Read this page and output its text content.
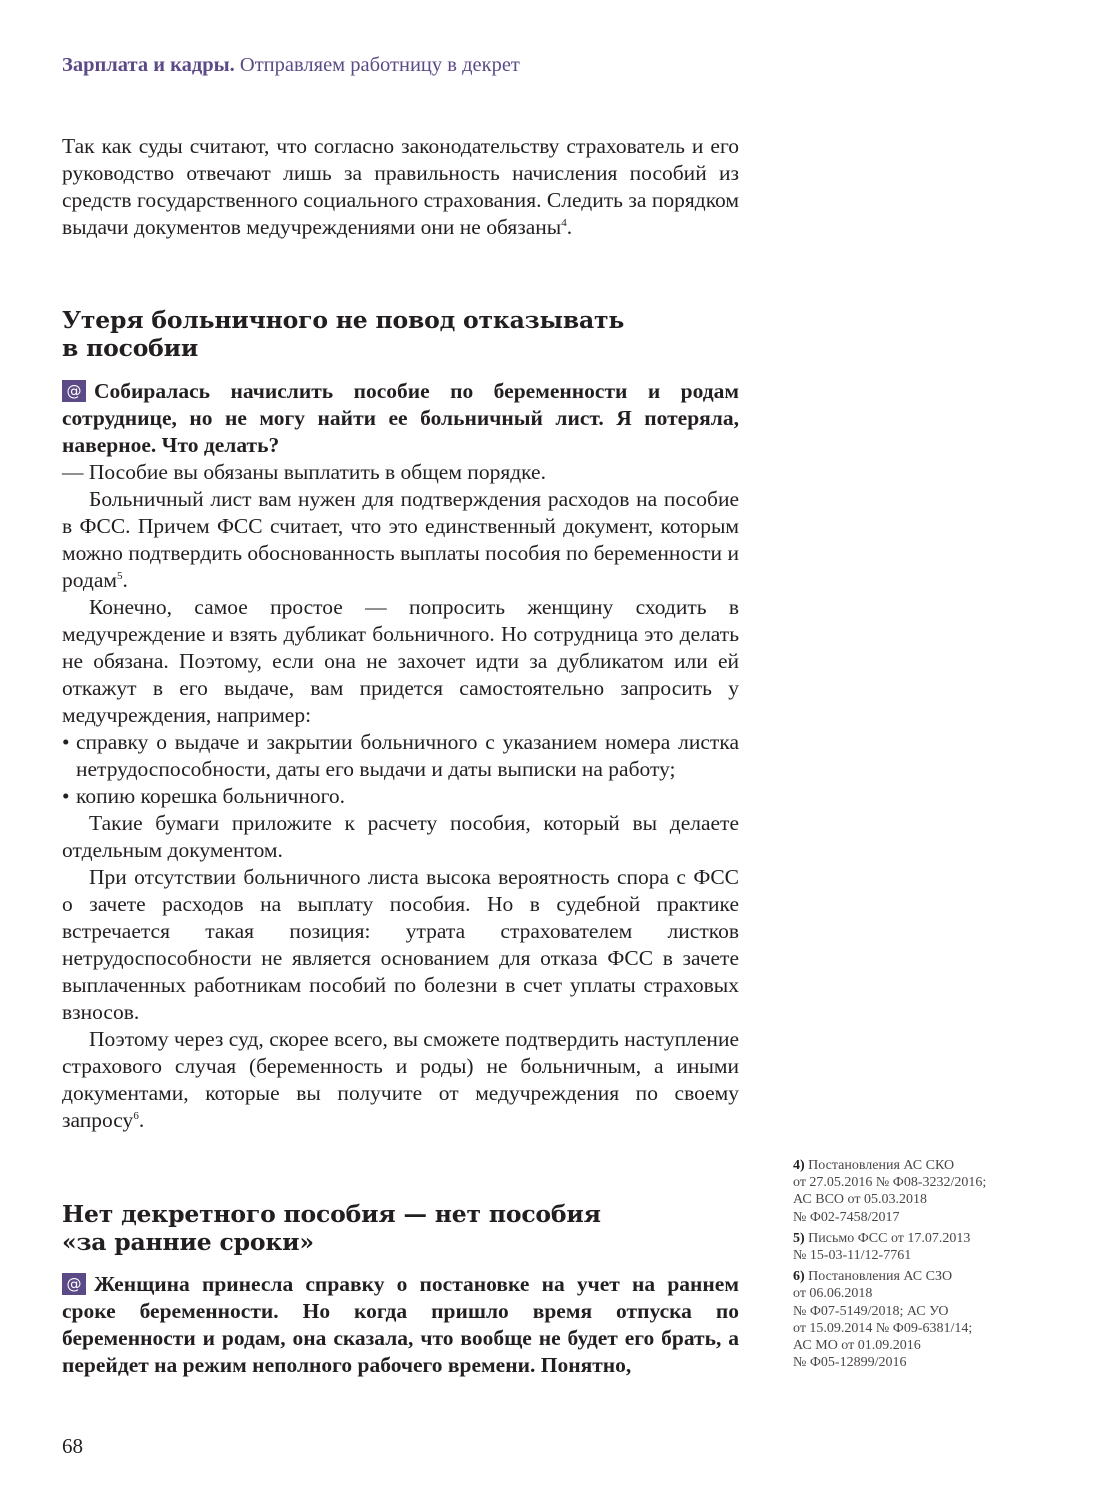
Зарплата и кадры. Отправляем работницу в декрет

Так как суды считают, что согласно законодательству страхователь и его руководство отвечают лишь за правильность начисления пособий из средств государственного социального страхования. Следить за порядком выдачи документов медучреждениями они не обязаны$^4$.

Утеря больничного не повод отказывать
в пособии

@ Собиралась начислить пособие по беременности и родам сотруднице, но не могу найти ее больничный лист. Я потеряла, наверное. Что делать?

— Пособие вы обязаны выплатить в общем порядке.

Больничный лист вам нужен для подтверждения расходов на пособие в ФСС. Причем ФСС считает, что это единственный документ, которым можно подтвердить обоснованность выплаты пособия по беременности и родам$^5$.

Конечно, самое простое — попросить женщину сходить в медучреждение и взять дубликат больничного. Но сотрудница это делать не обязана. Поэтому, если она не захочет идти за дубликатом или ей откажут в его выдаче, вам придется самостоятельно запросить у медучреждения, например:

• справку о выдаче и закрытии больничного с указанием номера листка нетрудоспособности, даты его выдачи и даты выписки на работу;
• копию корешка больничного.

Такие бумаги приложите к расчету пособия, который вы делаете отдельным документом.

При отсутствии больничного листа высока вероятность спора с ФСС о зачете расходов на выплату пособия. Но в судебной практике встречается такая позиция: утрата страхователем листков нетрудоспособности не является основанием для отказа ФСС в зачете выплаченных работникам пособий по болезни в счет уплаты страховых взносов.

Поэтому через суд, скорее всего, вы сможете подтвердить наступление страхового случая (беременность и роды) не больничным, а иными документами, которые вы получите от медучреждения по своему запросу$^6$.

Нет декретного пособия — нет пособия
«за ранние сроки»

@ Женщина принесла справку о постановке на учет на раннем сроке беременности. Но когда пришло время отпуска по беременности и родам, она сказала, что вообще не будет его брать, а перейдет на режим неполного рабочего времени. Понятно,

4) Постановления АС СКО
от 27.05.2016 № Ф08-3232/2016;
АС ВСО от 05.03.2018
№ Ф02-7458/2017
5) Письмо ФСС от 17.07.2013
№ 15-03-11/12-7761
6) Постановления АС СЗО
от 06.06.2018
№ Ф07-5149/2018; АС УО
от 15.09.2014 № Ф09-6381/14;
АС МО от 01.09.2016
№ Ф05-12899/2016
68
